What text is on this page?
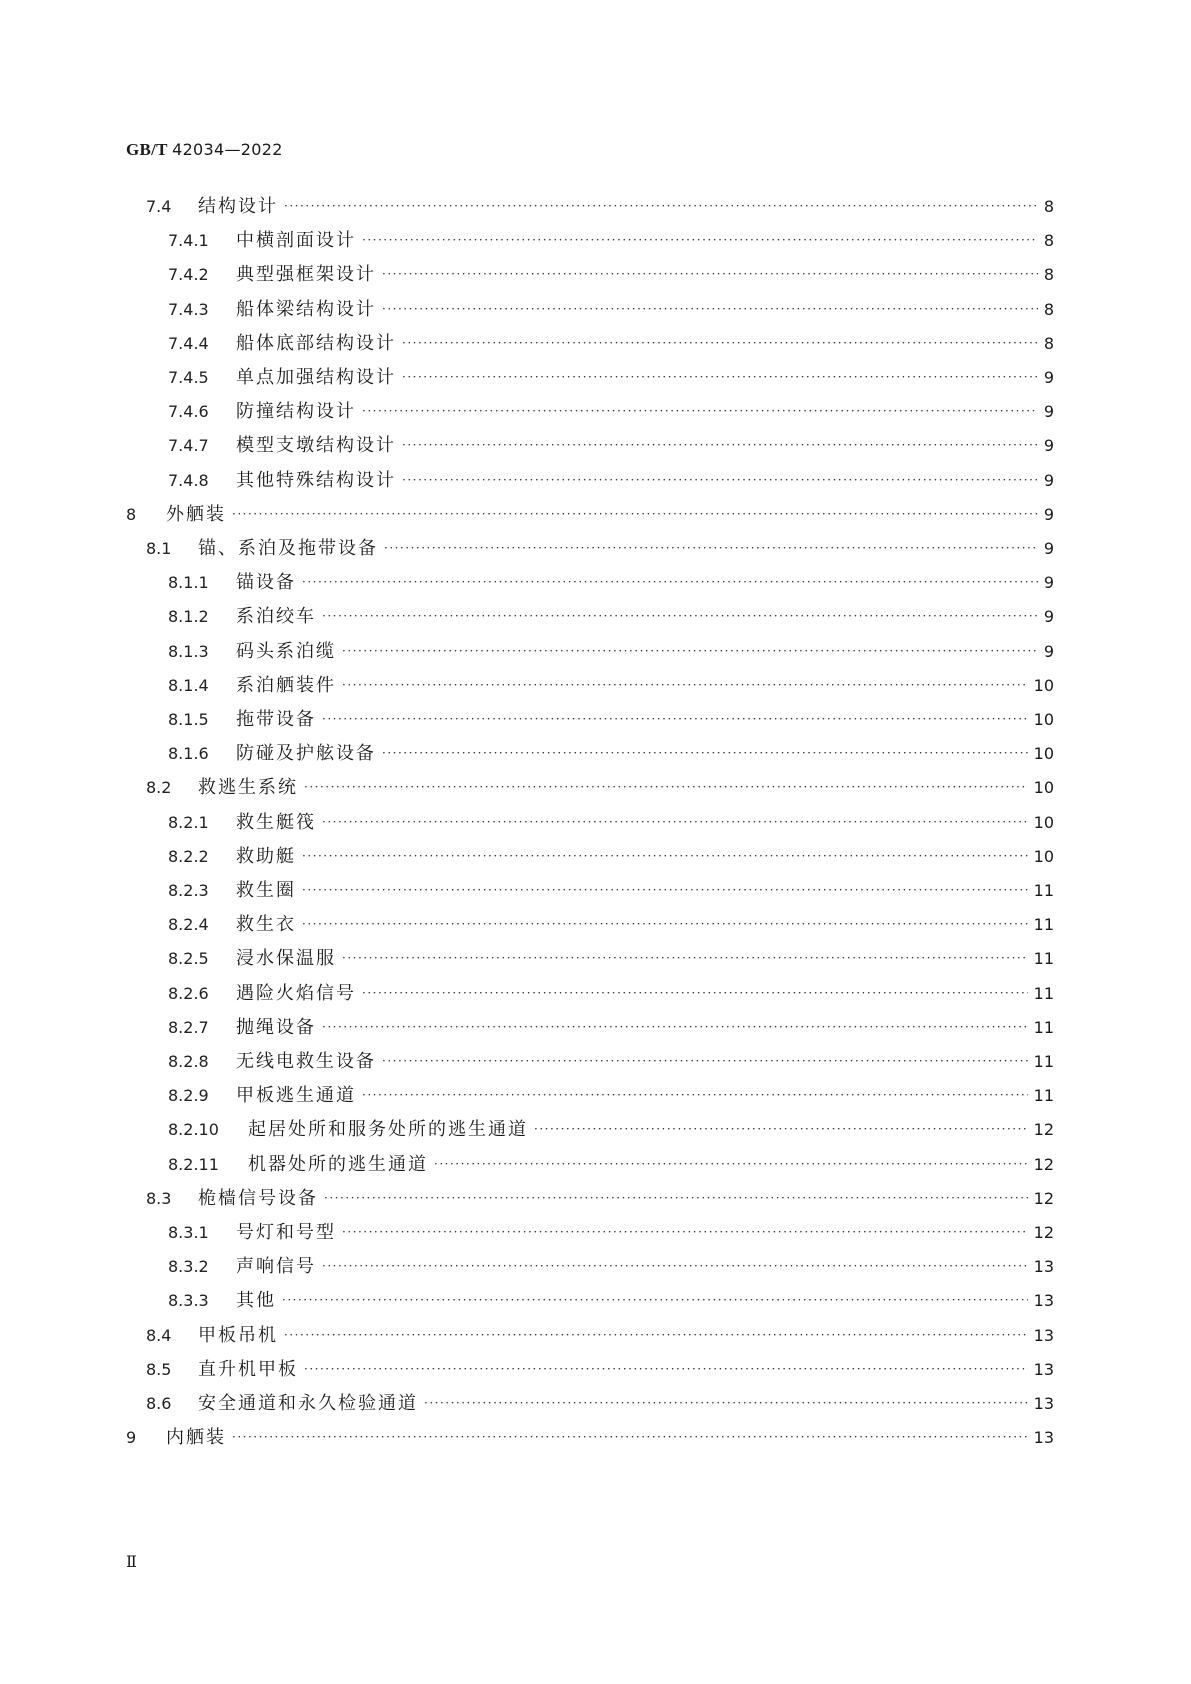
GB/T 42034—2022
7.4	结构设计 ·····	8
7.4.1	中横剖面设计 ·····	8
7.4.2	典型强框架设计 ·····	8
7.4.3	船体梁结构设计 ·····	8
7.4.4	船体底部结构设计 ·····	8
7.4.5	单点加强结构设计 ·····	9
7.4.6	防撞结构设计 ·····	9
7.4.7	模型支墩结构设计 ·····	9
7.4.8	其他特殊结构设计 ·····	9
8	外舾装 ·····	9
8.1	锚、系泊及拖带设备 ·····	9
8.1.1	锚设备 ·····	9
8.1.2	系泊绞车 ·····	9
8.1.3	码头系泊缆 ·····	9
8.1.4	系泊舾装件 ·····	10
8.1.5	拖带设备 ·····	10
8.1.6	防碰及护舷设备 ·····	10
8.2	救逃生系统 ·····	10
8.2.1	救生艇筏 ·····	10
8.2.2	救助艇 ·····	10
8.2.3	救生圈 ·····	11
8.2.4	救生衣 ·····	11
8.2.5	浸水保温服 ·····	11
8.2.6	遇险火焰信号 ·····	11
8.2.7	抛绳设备 ·····	11
8.2.8	无线电救生设备 ·····	11
8.2.9	甲板逃生通道 ·····	11
8.2.10	起居处所和服务处所的逃生通道 ·····	12
8.2.11	机器处所的逃生通道 ·····	12
8.3	桅樯信号设备 ·····	12
8.3.1	号灯和号型 ·····	12
8.3.2	声响信号 ·····	13
8.3.3	其他 ·····	13
8.4	甲板吊机 ·····	13
8.5	直升机甲板 ·····	13
8.6	安全通道和永久检验通道 ·····	13
9	内舾装 ·····	13
Ⅱ
